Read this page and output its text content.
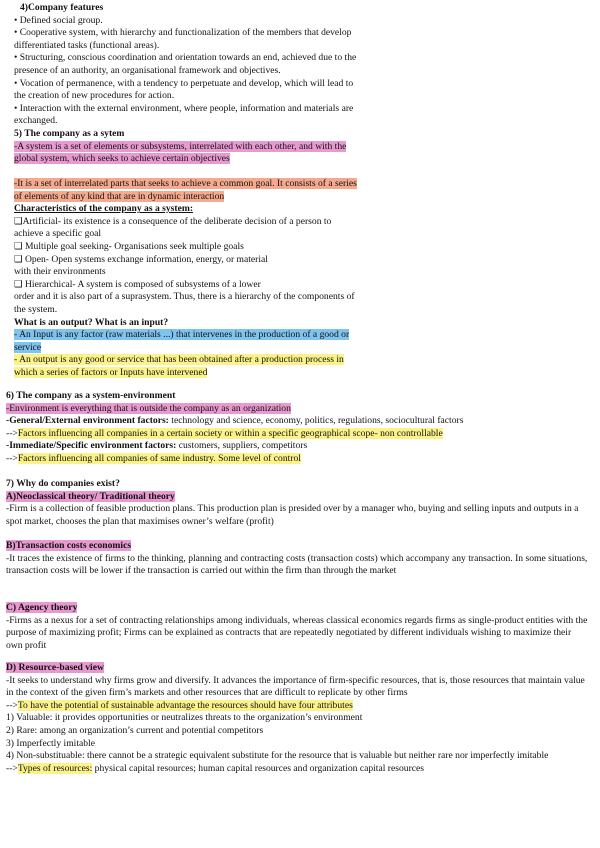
4)Company features
• Defined social group.
• Cooperative system, with hierarchy and functionalization of the members that develop
differentiated tasks (functional areas).
• Structuring, conscious coordination and orientation towards an end, achieved due to the
presence of an authority, an organisational framework and objectives.
• Vocation of permanence, with a tendency to perpetuate and develop, which will lead to
the creation of new procedures for action.
• Interaction with the external environment, where people, information and materials are
exchanged.
5) The company as a sytem
-A system is a set of elements or subsystems, interrelated with each other, and with the
global system, which seeks to achieve certain objectives
-It is a set of interrelated parts that seeks to achieve a common goal. It consists of a series
of elements of any kind that are in dynamic interaction
Characteristics of the company as a system:
❑Artificial- its existence is a consequence of the deliberate decision of a person to
achieve a specific goal
❑ Multiple goal seeking- Organisations seek multiple goals
❑ Open- Open systems exchange information, energy, or material
with their environments
❑ Hierarchical- A system is composed of subsystems of a lower
order and it is also part of a suprasystem. Thus, there is a hierarchy of the components of
the system.
What is an output? What is an input?
- An Input is any factor (raw materials ...) that intervenes in the production of a good or
service
- An output is any good or service that has been obtained after a production process in
which a series of factors or Inputs have intervened
6) The company as a system-environment
-Environment is everything that is outside the company as an organization
-General/External environment factors: technology and science, economy, politics, regulations, sociocultural factors
-->Factors influencing all companies in a certain society or within a specific geographical scope- non controllable
-Immediate/Specific environment factors: customers, suppliers, competitors
-->Factors influencing all companies of same industry. Some level of control
7) Why do companies exist?
A)Neoclassical theory/ Traditional theory
-Firm is a collection of feasible production plans. This production plan is presided over by a manager who, buying and selling inputs and outputs in a spot market, chooses the plan that maximises owner’s welfare (profit)
B)Transaction costs economics
-It traces the existence of firms to the thinking, planning and contracting costs (transaction costs) which accompany any transaction. In some situations, transaction costs will be lower if the transaction is carried out within the firm than through the market
C) Agency theory
-Firms as a nexus for a set of contracting relationships among individuals, whereas classical economics regards firms as single-product entities with the purpose of maximizing profit; Firms can be explained as contracts that are repeatedly negotiated by different individuals wishing to maximize their own profit
D) Resource-based view
-It seeks to understand why firms grow and diversify. It advances the importance of firm-specific resources, that is, those resources that maintain value in the context of the given firm’s markets and other resources that are difficult to replicate by other firms
-->To have the potential of sustainable advantage the resources should have four attributes
1) Valuable: it provides opportunities or neutralizes threats to the organization’s environment
2) Rare: among an organization’s current and potential competitors
3) Imperfectly imitable
4) Non-substituable: there cannot be a strategic equivalent substitute for the resource that is valuable but neither rare nor imperfectly imitable
-->Types of resources: physical capital resources; human capital resources and organization capital resources
